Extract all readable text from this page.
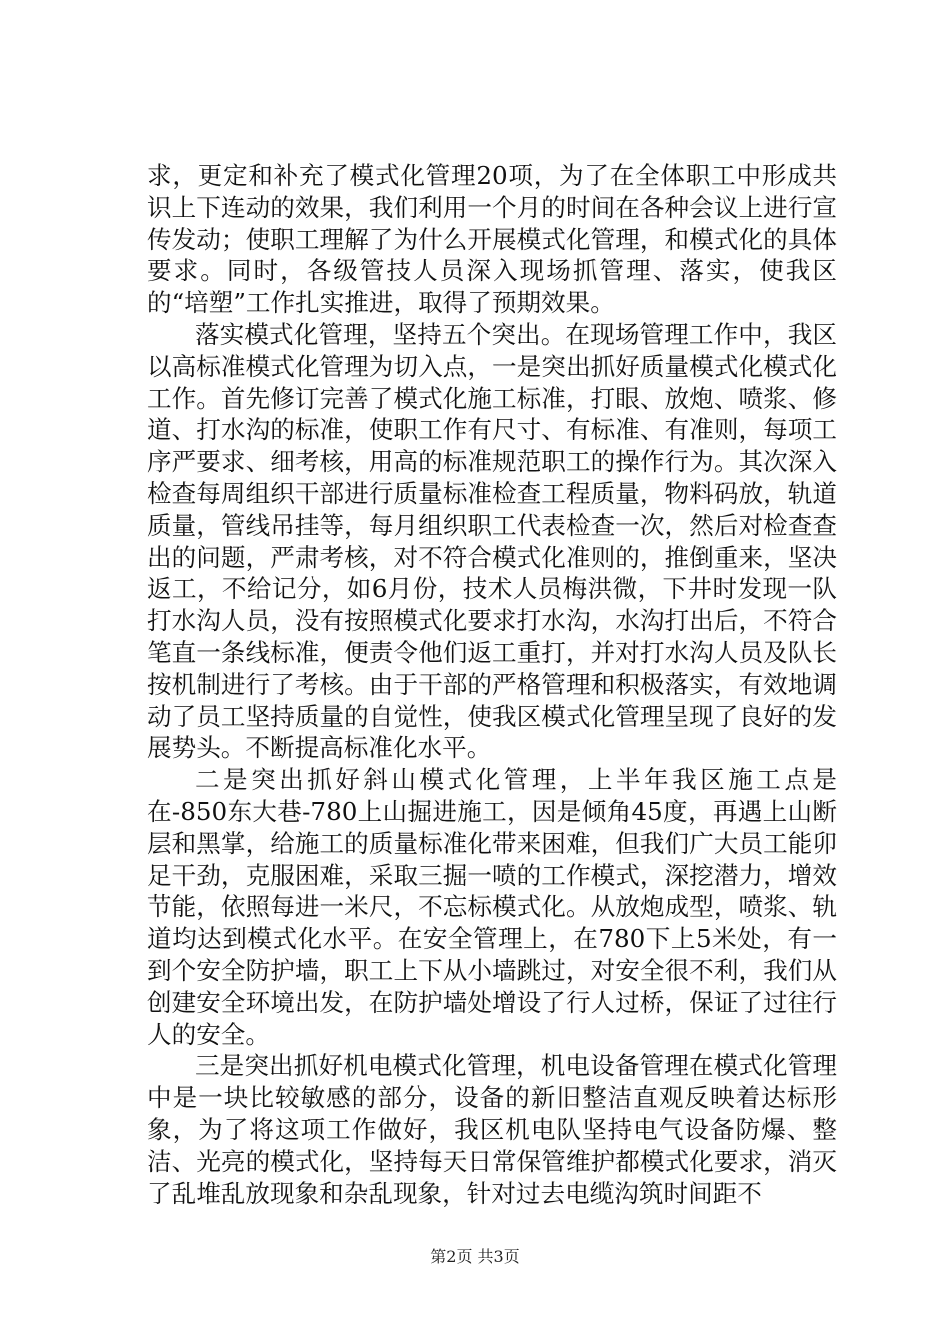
求，更定和补充了模式化管理20项，为了在全体职工中形成共识上下连动的效果，我们利用一个月的时间在各种会议上进行宣传发动；使职工理解了为什么开展模式化管理，和模式化的具体要求。同时，各级管技人员深入现场抓管理、落实，使我区的“培塑”工作扎实推进，取得了预期效果。

落实模式化管理，坚持五个突出。在现场管理工作中，我区以高标准模式化管理为切入点，一是突出抓好质量模式化模式化工作。首先修订完善了模式化施工标准，打眼、放炮、喷浆、修道、打水沟的标准，使职工作有尺寸、有标准、有准则，每项工序严要求、细考核，用高的标准规范职工的操作行为。其次深入检查每周组织干部进行质量标准检查工程质量，物料码放，轨道质量，管线吊挂等，每月组织职工代表检查一次，然后对检查查出的问题，严肃考核，对不符合模式化准则的，推倒重来，坚决返工，不给记分，如6月份，技术人员梅洪微，下井时发现一队打水沟人员，没有按照模式化要求打水沟，水沟打出后，不符合笔直一条线标准，便责令他们返工重打，并对打水沟人员及队长按机制进行了考核。由于干部的严格管理和积极落实，有效地调动了员工坚持质量的自觉性，使我区模式化管理呈现了良好的发展势头。不断提高标准化水平。

二是突出抓好斜山模式化管理，上半年我区施工点是在-850东大巷-780上山掘进施工，因是倾角45度，再遇上山断层和黑掌，给施工的质量标准化带来困难，但我们广大员工能卯足干劲，克服困难，采取三掘一喷的工作模式，深挖潜力，增效节能，依照每进一米尺，不忘标模式化。从放炮成型，喷浆、轨道均达到模式化水平。在安全管理上，在780下上5米处，有一到个安全防护墙，职工上下从小墙跳过，对安全很不利，我们从创建安全环境出发，在防护墙处增设了行人过桥，保证了过往行人的安全。

三是突出抓好机电模式化管理，机电设备管理在模式化管理中是一块比较敏感的部分，设备的新旧整洁直观反映着达标形象，为了将这项工作做好，我区机电队坚持电气设备防爆、整洁、光亮的模式化，坚持每天日常保管维护都模式化要求，消灭了乱堆乱放现象和杂乱现象，针对过去电缆沟筑时间距不

第2页 共3页
